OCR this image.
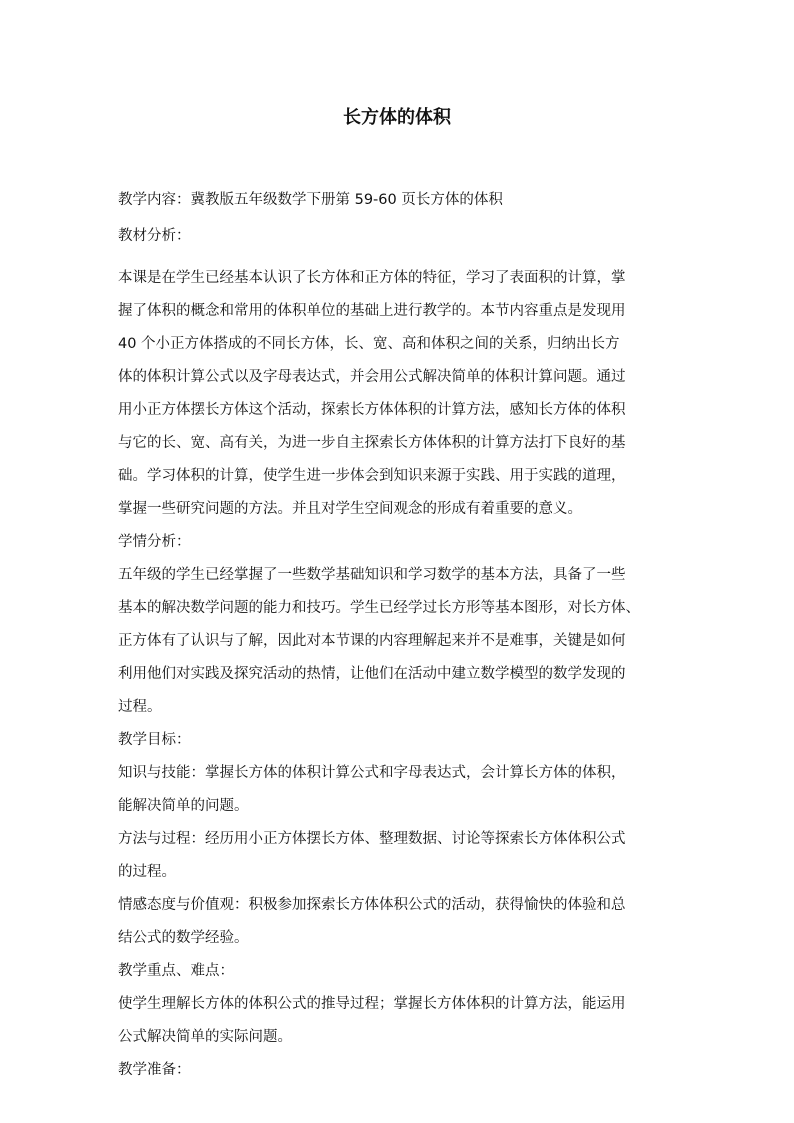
长方体的体积
教学内容：冀教版五年级数学下册第 59-60 页长方体的体积
教材分析：
本课是在学生已经基本认识了长方体和正方体的特征，学习了表面积的计算，掌
握了体积的概念和常用的体积单位的基础上进行教学的。本节内容重点是发现用
40 个小正方体搭成的不同长方体，长、宽、高和体积之间的关系，归纳出长方
体的体积计算公式以及字母表达式，并会用公式解决简单的体积计算问题。通过
用小正方体摆长方体这个活动，探索长方体体积的计算方法，感知长方体的体积
与它的长、宽、高有关，为进一步自主探索长方体体积的计算方法打下良好的基
础。学习体积的计算，使学生进一步体会到知识来源于实践、用于实践的道理，
掌握一些研究问题的方法。并且对学生空间观念的形成有着重要的意义。
学情分析：
五年级的学生已经掌握了一些数学基础知识和学习数学的基本方法，具备了一些
基本的解决数学问题的能力和技巧。学生已经学过长方形等基本图形，对长方体、
正方体有了认识与了解，因此对本节课的内容理解起来并不是难事，关键是如何
利用他们对实践及探究活动的热情，让他们在活动中建立数学模型的数学发现的
过程。
教学目标：
知识与技能：掌握长方体的体积计算公式和字母表达式，会计算长方体的体积，
能解决简单的问题。
方法与过程：经历用小正方体摆长方体、整理数据、讨论等探索长方体体积公式
的过程。
情感态度与价值观：积极参加探索长方体体积公式的活动，获得愉快的体验和总
结公式的数学经验。
教学重点、难点：
使学生理解长方体的体积公式的推导过程；掌握长方体体积的计算方法，能运用
公式解决简单的实际问题。
教学准备：
